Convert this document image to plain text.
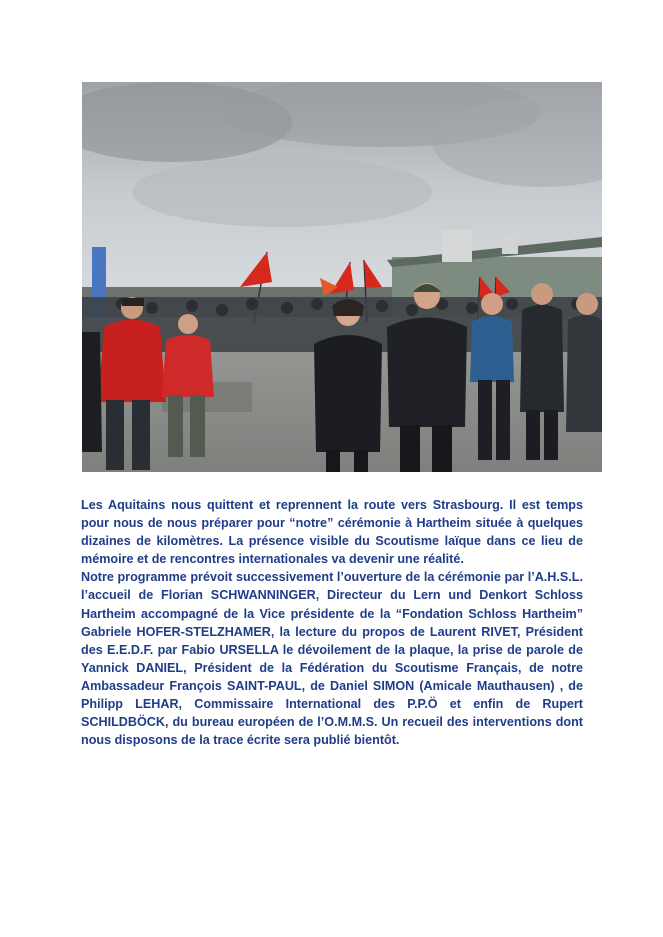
Les Aquitains nous quittent et reprennent la route vers Strasbourg. Il est temps pour nous de nous préparer pour “notre” cérémonie à Hartheim située à quelques dizaines de kilomètres. La présence visible du Scoutisme laïque dans ce lieu de mémoire et de rencontres internationales va devenir une réalité.

Notre programme prévoit successivement l’ouverture de la cérémonie par l’A.H.S.L. l’accueil de Florian SCHWANNINGER, Directeur du Lern und Denkort Schloss Hartheim accompagné de la Vice présidente de la “Fondation Schloss Hartheim” Gabriele HOFER-STELZHAMER, la lecture du propos de Laurent RIVET, Président des E.E.D.F. par Fabio URSELLA le dévoilement de la plaque, la prise de parole de Yannick DANIEL, Président de la Fédération du Scoutisme Français, de notre Ambassadeur François SAINT-PAUL, de Daniel SIMON (Amicale Mauthausen) , de Philipp LEHAR, Commissaire International des P.P.Ö et enfin de Rupert SCHILDBÖCK, du bureau européen de l’O.M.M.S. Un recueil des interventions dont nous disposons de la trace écrite sera publié bientôt.
